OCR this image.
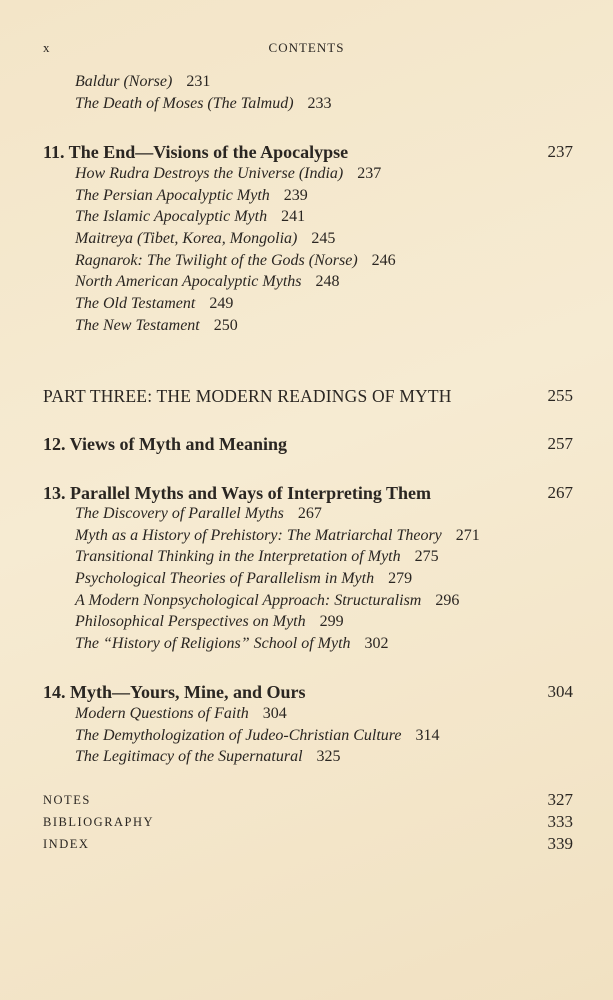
x	CONTENTS
Baldur (Norse) 231
The Death of Moses (The Talmud) 233
11. The End—Visions of the Apocalypse	237
How Rudra Destroys the Universe (India) 237
The Persian Apocalyptic Myth 239
The Islamic Apocalyptic Myth 241
Maitreya (Tibet, Korea, Mongolia) 245
Ragnarok: The Twilight of the Gods (Norse) 246
North American Apocalyptic Myths 248
The Old Testament 249
The New Testament 250
PART THREE: THE MODERN READINGS OF MYTH	255
12. Views of Myth and Meaning	257
13. Parallel Myths and Ways of Interpreting Them	267
The Discovery of Parallel Myths 267
Myth as a History of Prehistory: The Matriarchal Theory 271
Transitional Thinking in the Interpretation of Myth 275
Psychological Theories of Parallelism in Myth 279
A Modern Nonpsychological Approach: Structuralism 296
Philosophical Perspectives on Myth 299
The “History of Religions” School of Myth 302
14. Myth—Yours, Mine, and Ours	304
Modern Questions of Faith 304
The Demythologization of Judeo-Christian Culture 314
The Legitimacy of the Supernatural 325
NOTES	327
BIBLIOGRAPHY	333
INDEX	339
